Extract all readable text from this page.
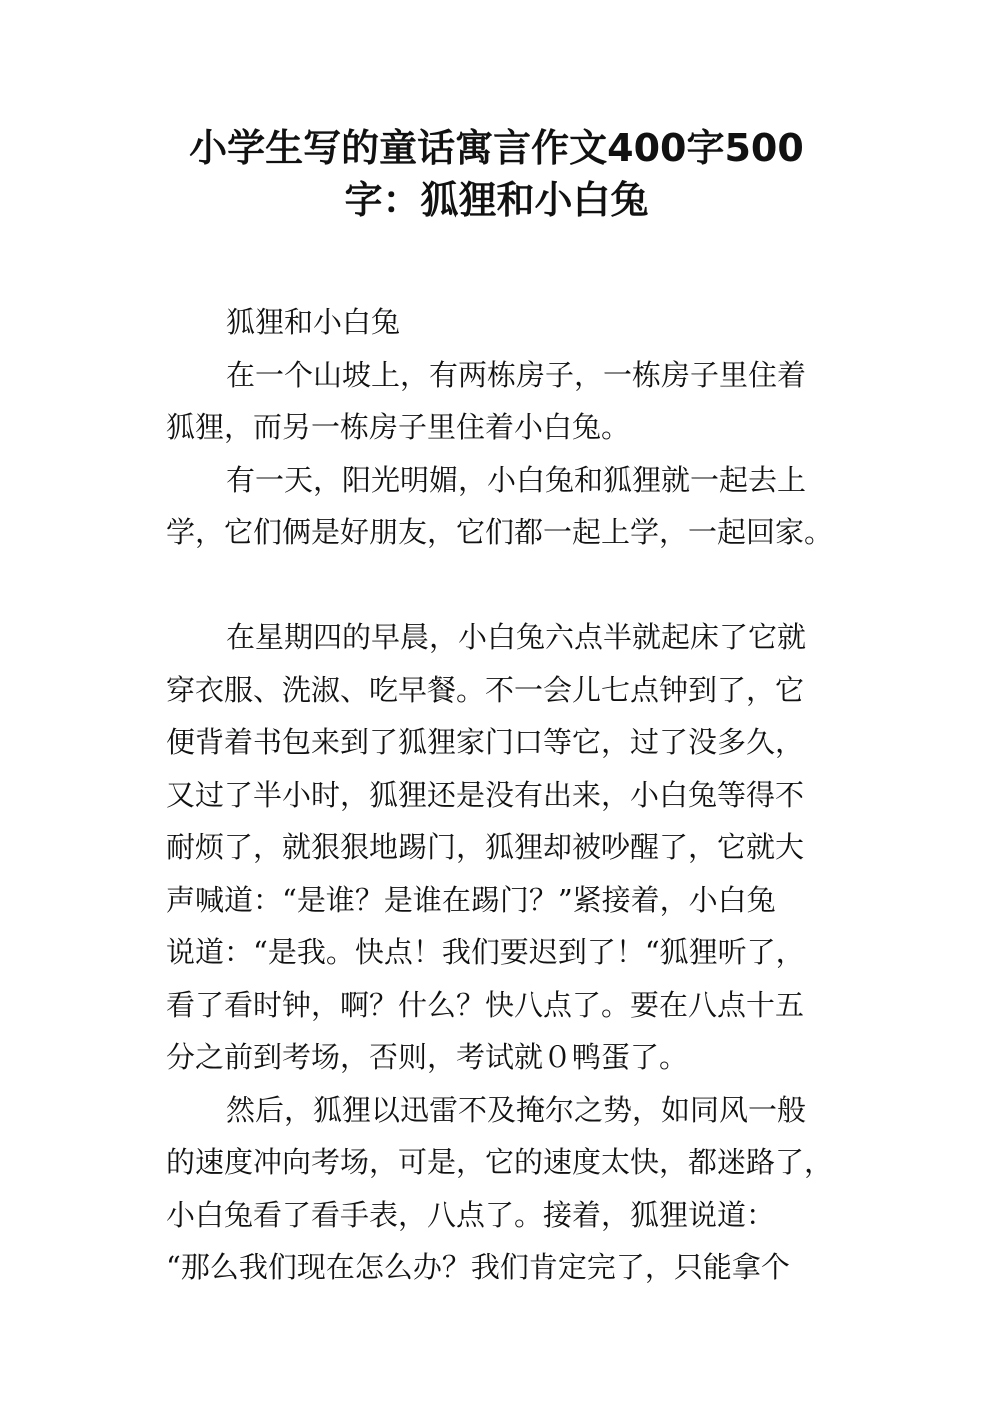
小学生写的童话寓言作文400字500
字：狐狸和小白兔
狐狸和小白兔
在一个山坡上，有两栋房子，一栋房子里住着
狐狸，而另一栋房子里住着小白兔。
有一天，阳光明媚，小白兔和狐狸就一起去上
学，它们俩是好朋友，它们都一起上学，一起回家。
在星期四的早晨，小白兔六点半就起床了它就
穿衣服、洗淑、吃早餐。不一会儿七点钟到了，它
便背着书包来到了狐狸家门口等它，过了没多久，
又过了半小时，狐狸还是没有出来，小白兔等得不
耐烦了，就狠狠地踢门，狐狸却被吵醒了，它就大
声喊道：“是谁？是谁在踢门？”紧接着，小白兔
说道：“是我。快点！我们要迟到了！“狐狸听了，
看了看时钟，啊？什么？快八点了。要在八点十五
分之前到考场，否则，考试就０鸭蛋了。
然后，狐狸以迅雷不及掩尔之势，如同风一般
的速度冲向考场，可是，它的速度太快，都迷路了，
小白兔看了看手表，八点了。接着，狐狸说道：
“那么我们现在怎么办？我们肯定完了，只能拿个
